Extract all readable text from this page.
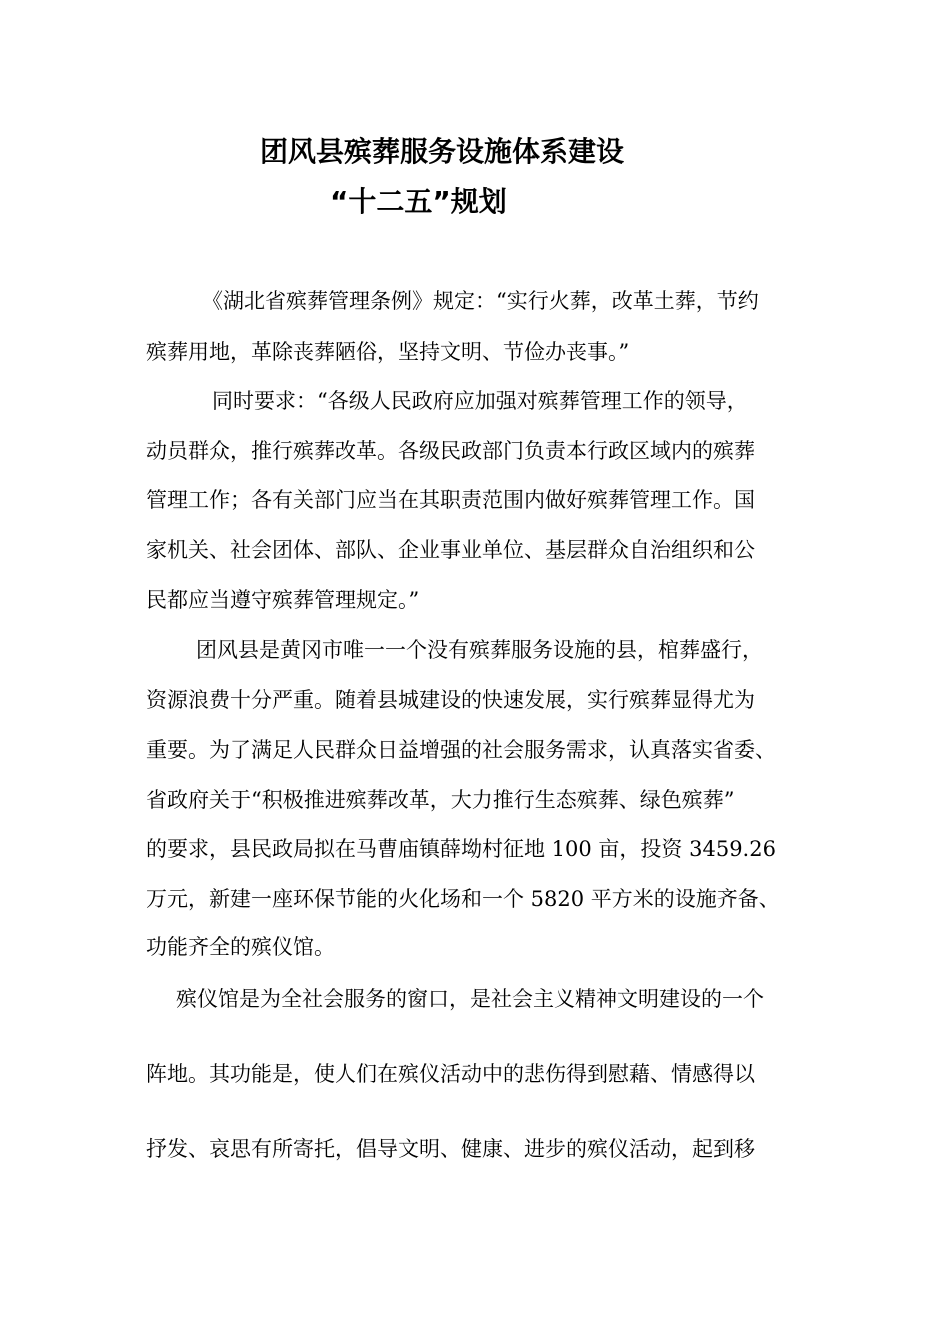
团风县殡葬服务设施体系建设
“十二五”规划
《湖北省殡葬管理条例》规定：“实行火葬，改革土葬，节约
殡葬用地，革除丧葬陋俗，坚持文明、节俭办丧事。”
同时要求：“各级人民政府应加强对殡葬管理工作的领导，
动员群众，推行殡葬改革。各级民政部门负责本行政区域内的殡葬
管理工作；各有关部门应当在其职责范围内做好殡葬管理工作。国
家机关、社会团体、部队、企业事业单位、基层群众自治组织和公
民都应当遵守殡葬管理规定。”
团风县是黄冈市唯一一个没有殡葬服务设施的县，棺葬盛行，
资源浪费十分严重。随着县城建设的快速发展，实行殡葬显得尤为
重要。为了满足人民群众日益增强的社会服务需求，认真落实省委、
省政府关于“积极推进殡葬改革，大力推行生态殡葬、绿色殡葬”
的要求，县民政局拟在马曹庙镇薛坳村征地 100 亩，投资 3459.26
万元，新建一座环保节能的火化场和一个 5820 平方米的设施齐备、
功能齐全的殡仪馆。
殡仪馆是为全社会服务的窗口，是社会主义精神文明建设的一个
阵地。其功能是，使人们在殡仪活动中的悲伤得到慰藉、情感得以
抒发、哀思有所寄托，倡导文明、健康、进步的殡仪活动，起到移
